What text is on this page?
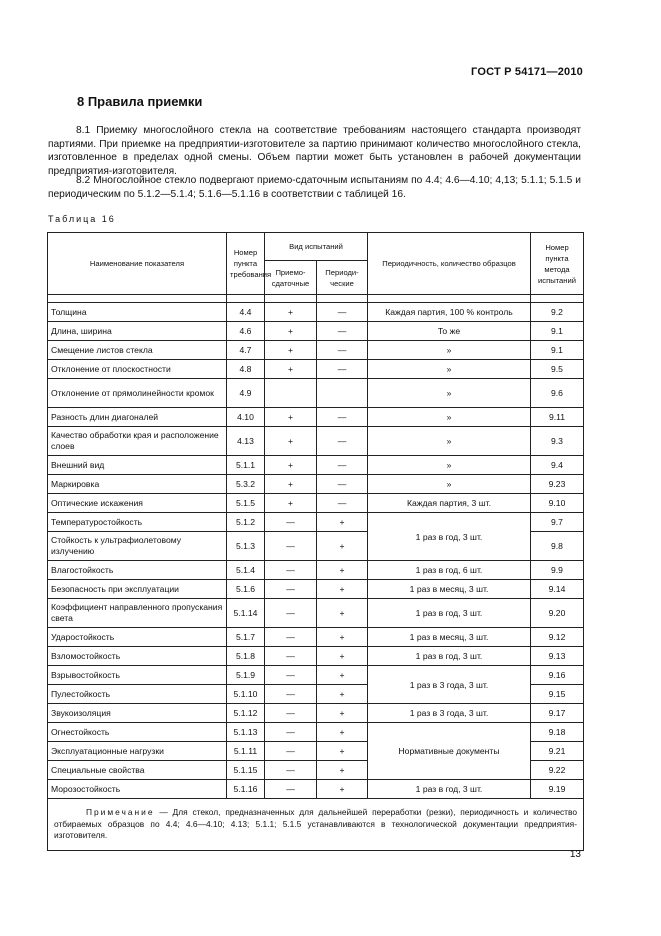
ГОСТ Р 54171—2010
8 Правила приемки
8.1 Приемку многослойного стекла на соответствие требованиям настоящего стандарта производят партиями. При приемке на предприятии-изготовителе за партию принимают количество многослойного стекла, изготовленное в пределах одной смены. Объем партии может быть установлен в рабочей документации предприятия-изготовителя.
8.2 Многослойное стекло подвергают приемо-сдаточным испытаниям по 4.4; 4.6—4.10; 4,13; 5.1.1; 5.1.5 и периодическим по 5.1.2—5.1.4; 5.1.6—5.1.16 в соответствии с таблицей 16.
Таблица 16
Наименование показателя	Номер пункта требования	Вид испытаний		Периодичность, количество образцов	Номер пункта метода испытаний
		Приемо-сдаточные	Периоди-ческие		

Толщина	4.4	+	—	Каждая партия, 100 % контроль	9.2
Длина, ширина	4.6	+	—	То же	9.1
Смещение листов стекла	4.7	+	—	»	9.1
Отклонение от плоскостности	4.8	+	—	»	9.5
Отклонение от прямолинейности кромок	4.9			»	9.6
Разность длин диагоналей	4.10	+	—	»	9.11
Качество обработки края и расположение слоев	4.13	+	—	»	9.3
Внешний вид	5.1.1	+	—	»	9.4
Маркировка	5.3.2	+	—	»	9.23
Оптические искажения	5.1.5	+	—	Каждая партия, 3 шт.	9.10
Температуростойкость	5.1.2	—	+	1 раз в год, 3 шт.	9.7
Стойкость к ультрафиолетовому излучению	5.1.3	—	+		9.8
Влагостойкость	5.1.4	—	+	1 раз в год, 6 шт.	9.9
Безопасность при эксплуатации	5.1.6	—	+	1 раз в месяц, 3 шт.	9.14
Коэффициент направленного пропускания света	5.1.14	—	+	1 раз в год, 3 шт.	9.20
Ударостойкость	5.1.7	—	+	1 раз в месяц, 3 шт.	9.12
Взломостойкость	5.1.8	—	+	1 раз в год, 3 шт.	9.13
Взрывостойкость	5.1.9	—	+	1 раз в 3 года, 3 шт.	9.16
Пулестойкость	5.1.10	—	+		9.15
Звукоизоляция	5.1.12	—	+	1 раз в 3 года, 3 шт.	9.17
Огнестойкость	5.1.13	—	+	Нормативные документы	9.18
Эксплуатационные нагрузки	5.1.11	—	+		9.21
Специальные свойства	5.1.15	—	+		9.22
Морозостойкость	5.1.16	—	+	1 раз в год, 3 шт.	9.19
Примечание — Для стекол, предназначенных для дальнейшей переработки (резки), периодичность и количество отбираемых образцов по 4.4; 4.6—4.10; 4.13; 5.1.1; 5.1.5 устанавливаются в технологической документации предприятия-изготовителя.					
13
